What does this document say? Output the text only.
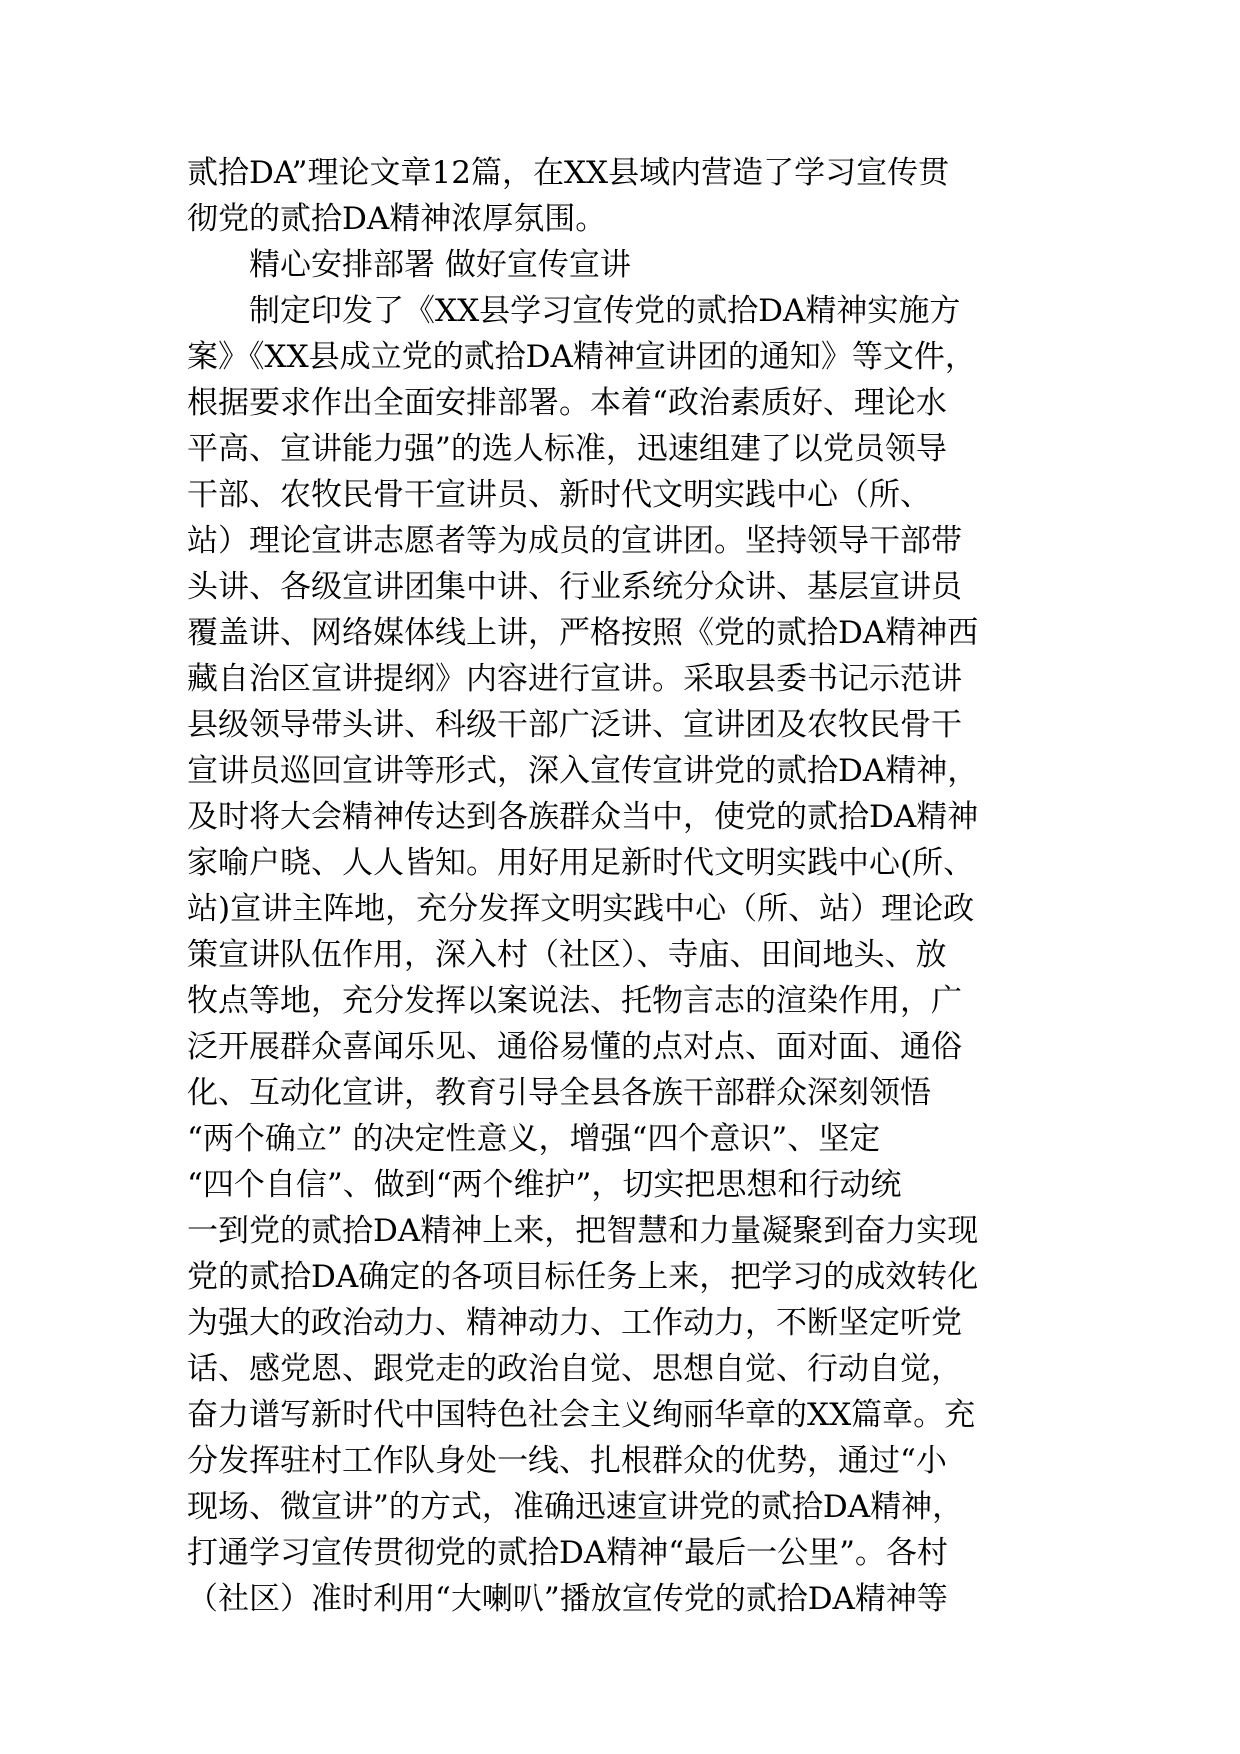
贰拾DA”理论文章12篇，在XX县域内营造了学习宣传贯
彻党的贰拾DA精神浓厚氛围。
精心安排部署 做好宣传宣讲
制定印发了《XX县学习宣传党的贰拾DA精神实施方
案》《XX县成立党的贰拾DA精神宣讲团的通知》等文件，
根据要求作出全面安排部署。本着“政治素质好、理论水
平高、宣讲能力强”的选人标准，迅速组建了以党员领导
干部、农牧民骨干宣讲员、新时代文明实践中心（所、
站）理论宣讲志愿者等为成员的宣讲团。坚持领导干部带
头讲、各级宣讲团集中讲、行业系统分众讲、基层宣讲员
覆盖讲、网络媒体线上讲，严格按照《党的贰拾DA精神西
藏自治区宣讲提纲》内容进行宣讲。采取县委书记示范讲
县级领导带头讲、科级干部广泛讲、宣讲团及农牧民骨干
宣讲员巡回宣讲等形式，深入宣传宣讲党的贰拾DA精神，
及时将大会精神传达到各族群众当中，使党的贰拾DA精神
家喻户晓、人人皆知。用好用足新时代文明实践中心(所、
站)宣讲主阵地，充分发挥文明实践中心（所、站）理论政
策宣讲队伍作用，深入村（社区）、寺庙、田间地头、放
牧点等地，充分发挥以案说法、托物言志的渲染作用，广
泛开展群众喜闻乐见、通俗易懂的点对点、面对面、通俗
化、互动化宣讲，教育引导全县各族干部群众深刻领悟
“两个确立” 的决定性意义，增强“四个意识”、坚定
“四个自信”、做到“两个维护”，切实把思想和行动统
一到党的贰拾DA精神上来，把智慧和力量凝聚到奋力实现
党的贰拾DA确定的各项目标任务上来，把学习的成效转化
为强大的政治动力、精神动力、工作动力，不断坚定听党
话、感党恩、跟党走的政治自觉、思想自觉、行动自觉，
奋力谱写新时代中国特色社会主义绚丽华章的XX篇章。充
分发挥驻村工作队身处一线、扎根群众的优势，通过“小
现场、微宣讲”的方式，准确迅速宣讲党的贰拾DA精神，
打通学习宣传贯彻党的贰拾DA精神“最后一公里”。各村
（社区）准时利用“大喇叭”播放宣传党的贰拾DA精神等
